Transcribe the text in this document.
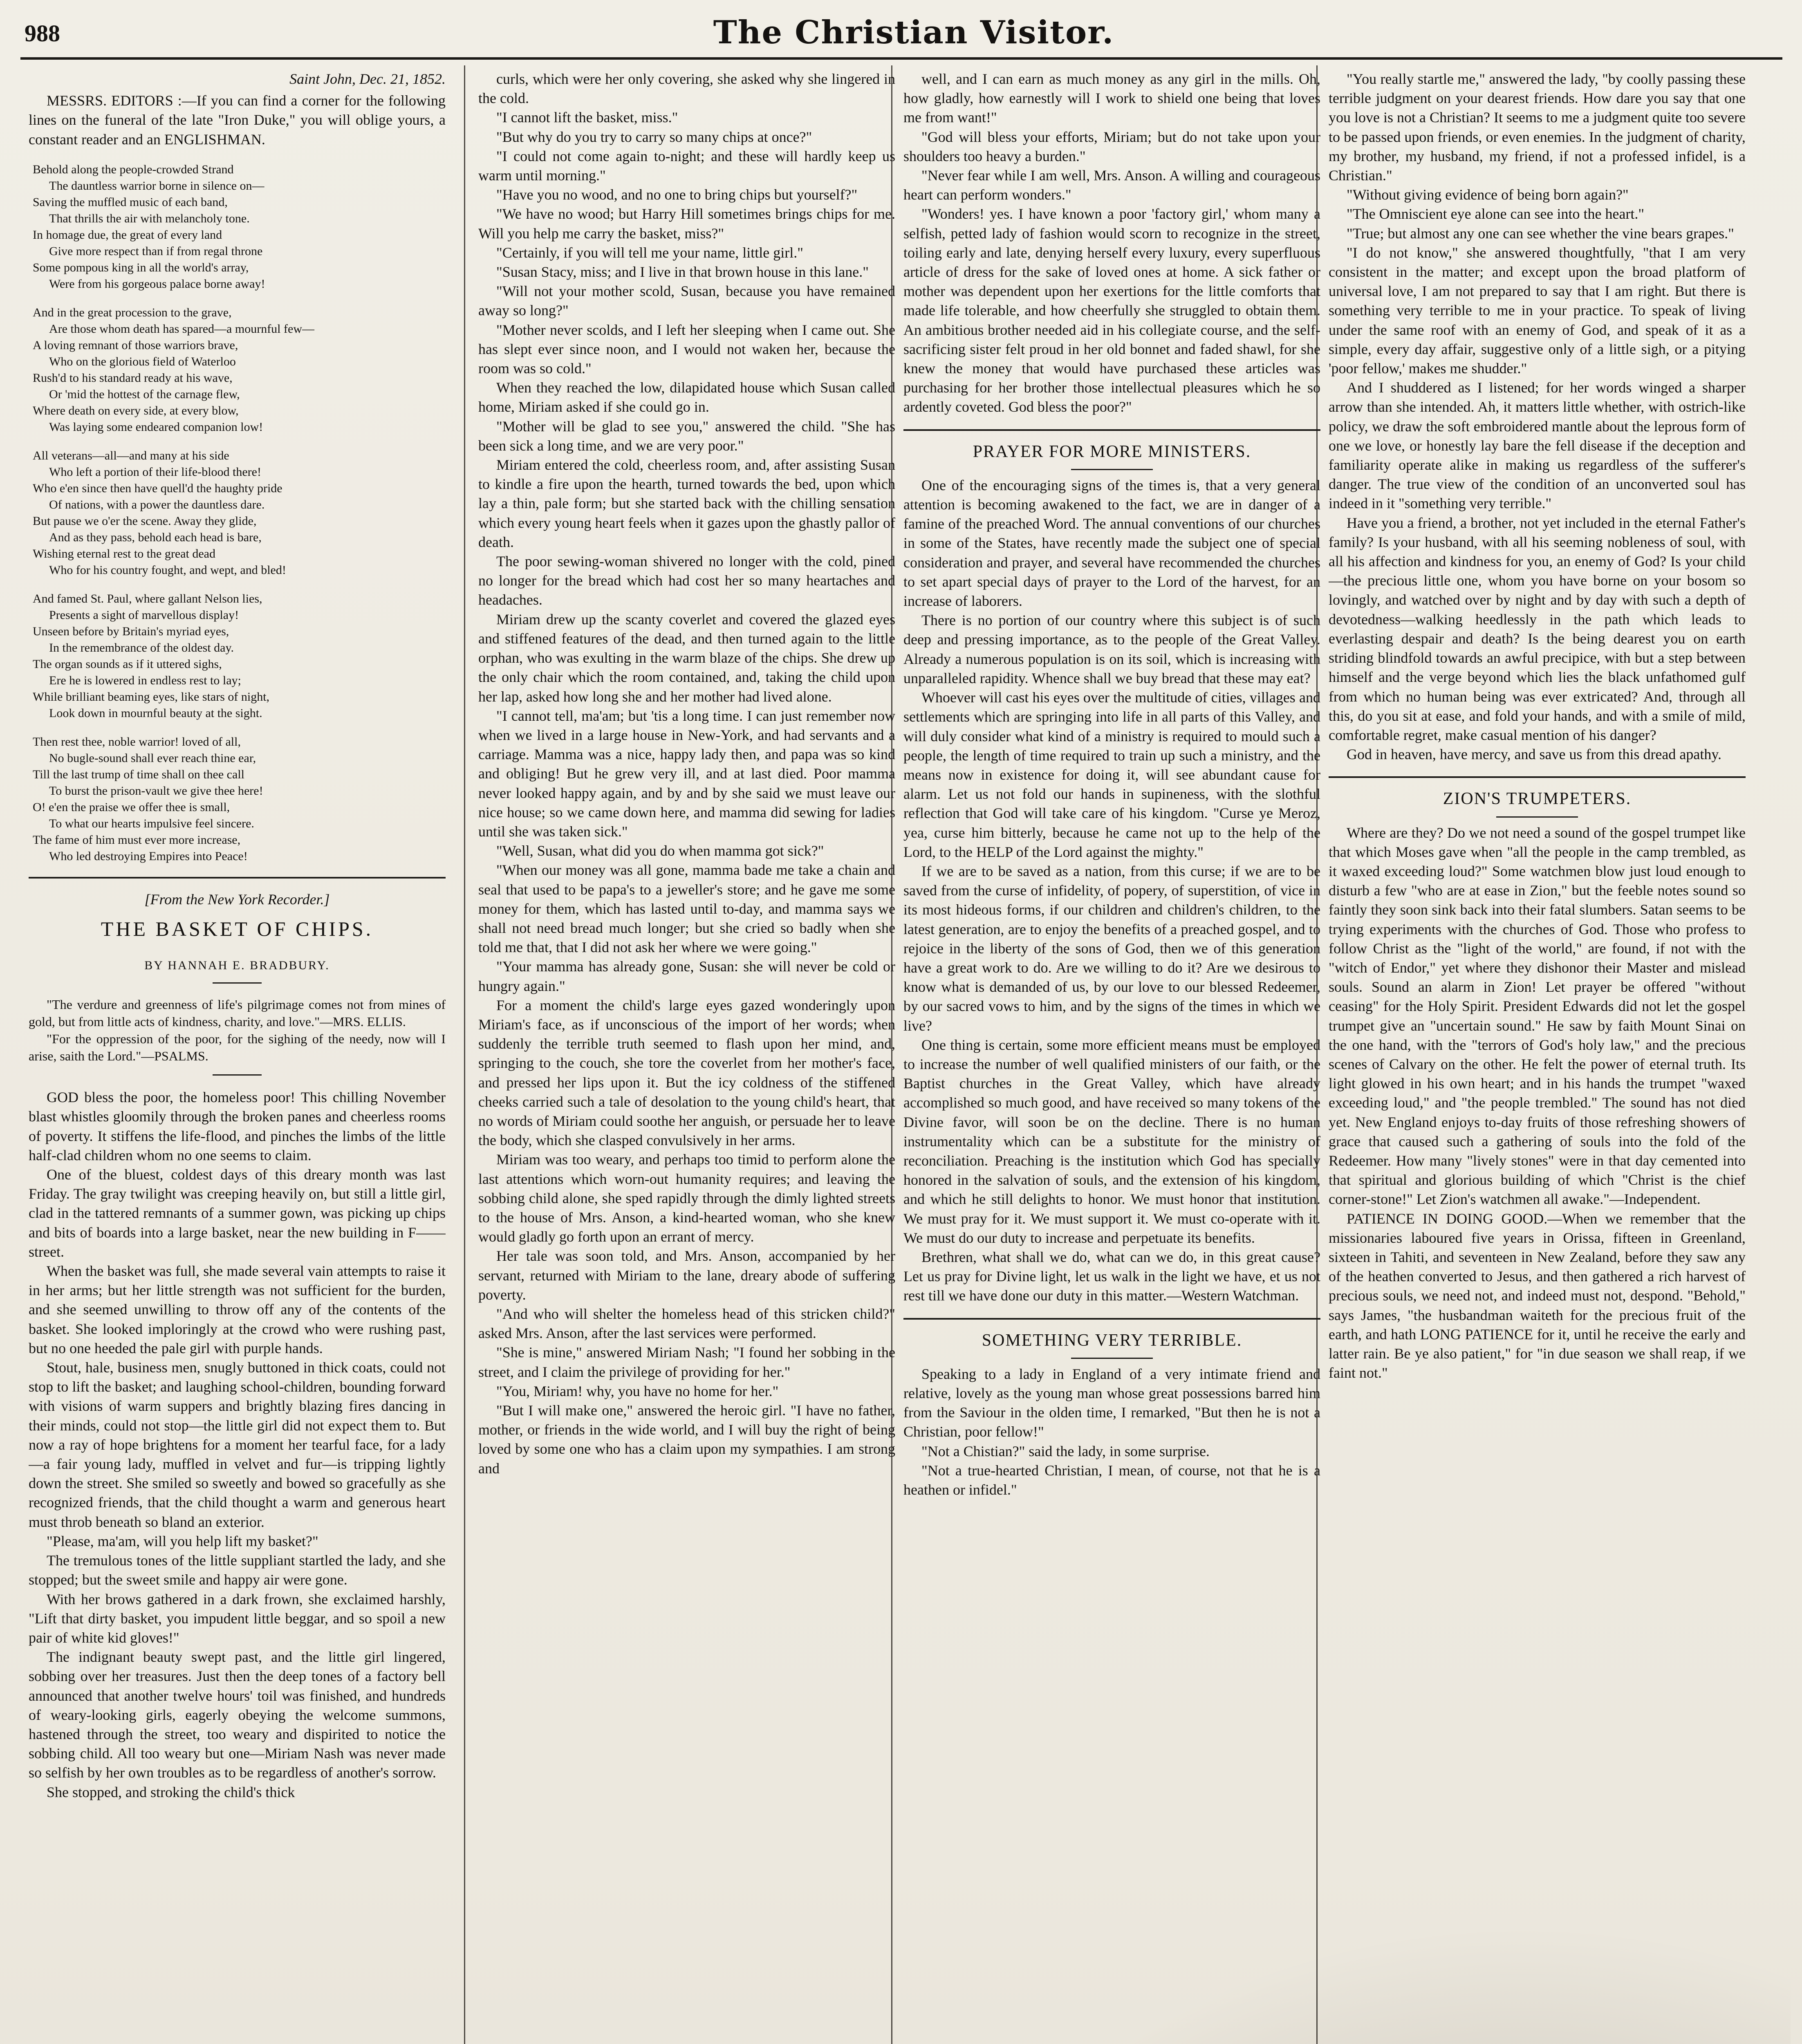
988	The Christian Visitor.

Saint John, Dec. 21, 1852.

MESSRS. EDITORS :—If you can find a corner for the following lines on the funeral of the late "Iron Duke," you will oblige yours, a constant reader and an ENGLISHMAN.

Behold along the people-crowded Strand
The dauntless warrior borne in silence on—
Saving the muffled music of each band,
That thrills the air with melancholy tone.
In homage due, the great of every land
Give more respect than if from regal throne
Some pompous king in all the world's array,
Were from his gorgeous palace borne away!
And in the great procession to the grave,
Are those whom death has spared—a mournful few—
A loving remnant of those warriors brave,
Who on the glorious field of Waterloo
Rush'd to his standard ready at his wave,
Or 'mid the hottest of the carnage flew,
Where death on every side, at every blow,
Was laying some endeared companion low!
All veterans—all—and many at his side
Who left a portion of their life-blood there!
Who e'en since then have quell'd the haughty pride
Of nations, with a power the dauntless dare.
But pause we o'er the scene. Away they glide,
And as they pass, behold each head is bare,
Wishing eternal rest to the great dead
Who for his country fought, and wept, and bled!
And famed St. Paul, where gallant Nelson lies,
Presents a sight of marvellous display!
Unseen before by Britain's myriad eyes,
In the remembrance of the oldest day.
The organ sounds as if it uttered sighs,
Ere he is lowered in endless rest to lay;
While brilliant beaming eyes, like stars of night,
Look down in mournful beauty at the sight.
Then rest thee, noble warrior! loved of all,
No bugle-sound shall ever reach thine ear,
Till the last trump of time shall on thee call
To burst the prison-vault we give thee here!
O! e'en the praise we offer thee is small,
To what our hearts impulsive feel sincere.
The fame of him must ever more increase,
Who led destroying Empires into Peace!

[From the New York Recorder.]

THE BASKET OF CHIPS.
BY HANNAH E. BRADBURY.

"The verdure and greenness of life's pilgrimage comes not from mines of gold, but from little acts of kindness, charity, and love."—MRS. ELLIS.

"For the oppression of the poor, for the sighing of the needy, now will I arise, saith the Lord."—PSALMS.

GOD bless the poor, the homeless poor! This chilling November blast whistles gloomily through the broken panes and cheerless rooms of poverty. It stiffens the life-flood, and pinches the limbs of the little half-clad children whom no one seems to claim.

One of the bluest, coldest days of this dreary month was last Friday. The gray twilight was creeping heavily on, but still a little girl, clad in the tattered remnants of a summer gown, was picking up chips and bits of boards into a large basket, near the new building in F—— street.

When the basket was full, she made several vain attempts to raise it in her arms; but her little strength was not sufficient for the burden, and she seemed unwilling to throw off any of the contents of the basket. She looked imploringly at the crowd who were rushing past, but no one heeded the pale girl with purple hands.

Stout, hale, business men, snugly buttoned in thick coats, could not stop to lift the basket; and laughing school-children, bounding forward with visions of warm suppers and brightly blazing fires dancing in their minds, could not stop—the little girl did not expect them to. But now a ray of hope brightens for a moment her tearful face, for a lady—a fair young lady, muffled in velvet and fur—is tripping lightly down the street. She smiled so sweetly and bowed so gracefully as she recognized friends, that the child thought a warm and generous heart must throb beneath so bland an exterior.

"Please, ma'am, will you help lift my basket?"

The tremulous tones of the little suppliant startled the lady, and she stopped; but the sweet smile and happy air were gone.

With her brows gathered in a dark frown, she exclaimed harshly, "Lift that dirty basket, you impudent little beggar, and so spoil a new pair of white kid gloves!"

The indignant beauty swept past, and the little girl lingered, sobbing over her treasures. Just then the deep tones of a factory bell announced that another twelve hours' toil was finished, and hundreds of weary-looking girls, eagerly obeying the welcome summons, hastened through the street, too weary and dispirited to notice the sobbing child. All too weary but one—Miriam Nash was never made so selfish by her own troubles as to be regardless of another's sorrow.

She stopped, and stroking the child's thick

curls, which were her only covering, she asked why she lingered in the cold.

"I cannot lift the basket, miss."

"But why do you try to carry so many chips at once?"

"I could not come again to-night; and these will hardly keep us warm until morning."

"Have you no wood, and no one to bring chips but yourself?"

"We have no wood; but Harry Hill sometimes brings chips for me. Will you help me carry the basket, miss?"

"Certainly, if you will tell me your name, little girl."

"Susan Stacy, miss; and I live in that brown house in this lane."

"Will not your mother scold, Susan, because you have remained away so long?"

"Mother never scolds, and I left her sleeping when I came out. She has slept ever since noon, and I would not waken her, because the room was so cold."

When they reached the low, dilapidated house which Susan called home, Miriam asked if she could go in.

"Mother will be glad to see you," answered the child. "She has been sick a long time, and we are very poor."

Miriam entered the cold, cheerless room, and, after assisting Susan to kindle a fire upon the hearth, turned towards the bed, upon which lay a thin, pale form; but she started back with the chilling sensation which every young heart feels when it gazes upon the ghastly pallor of death.

The poor sewing-woman shivered no longer with the cold, pined no longer for the bread which had cost her so many heartaches and headaches.

Miriam drew up the scanty coverlet and covered the glazed eyes and stiffened features of the dead, and then turned again to the little orphan, who was exulting in the warm blaze of the chips. She drew up the only chair which the room contained, and, taking the child upon her lap, asked how long she and her mother had lived alone.

"I cannot tell, ma'am; but 'tis a long time. I can just remember now when we lived in a large house in New-York, and had servants and a carriage. Mamma was a nice, happy lady then, and papa was so kind and obliging! But he grew very ill, and at last died. Poor mamma never looked happy again, and by and by she said we must leave our nice house; so we came down here, and mamma did sewing for ladies until she was taken sick."

"Well, Susan, what did you do when mamma got sick?"

"When our money was all gone, mamma bade me take a chain and seal that used to be papa's to a jeweller's store; and he gave me some money for them, which has lasted until to-day, and mamma says we shall not need bread much longer; but she cried so badly when she told me that, that I did not ask her where we were going."

"Your mamma has already gone, Susan: she will never be cold or hungry again."

For a moment the child's large eyes gazed wonderingly upon Miriam's face, as if unconscious of the import of her words; when suddenly the terrible truth seemed to flash upon her mind, and, springing to the couch, she tore the coverlet from her mother's face, and pressed her lips upon it. But the icy coldness of the stiffened cheeks carried such a tale of desolation to the young child's heart, that no words of Miriam could soothe her anguish, or persuade her to leave the body, which she clasped convulsively in her arms.

Miriam was too weary, and perhaps too timid to perform alone the last attentions which worn-out humanity requires; and leaving the sobbing child alone, she sped rapidly through the dimly lighted streets to the house of Mrs. Anson, a kind-hearted woman, who she knew would gladly go forth upon an errant of mercy.

Her tale was soon told, and Mrs. Anson, accompanied by her servant, returned with Miriam to the lane, dreary abode of suffering poverty.

"And who will shelter the homeless head of this stricken child?" asked Mrs. Anson, after the last services were performed.

"She is mine," answered Miriam Nash; "I found her sobbing in the street, and I claim the privilege of providing for her."

"You, Miriam! why, you have no home for her."

"But I will make one," answered the heroic girl. "I have no father, mother, or friends in the wide world, and I will buy the right of being loved by some one who has a claim upon my sympathies. I am strong and

well, and I can earn as much money as any girl in the mills. Oh, how gladly, how earnestly will I work to shield one being that loves me from want!"

"God will bless your efforts, Miriam; but do not take upon your shoulders too heavy a burden."

"Never fear while I am well, Mrs. Anson. A willing and courageous heart can perform wonders."

"Wonders! yes. I have known a poor 'factory girl,' whom many a selfish, petted lady of fashion would scorn to recognize in the street, toiling early and late, denying herself every luxury, every superfluous article of dress for the sake of loved ones at home. A sick father or mother was dependent upon her exertions for the little comforts that made life tolerable, and how cheerfully she struggled to obtain them. An ambitious brother needed aid in his collegiate course, and the self-sacrificing sister felt proud in her old bonnet and faded shawl, for she knew the money that would have purchased these articles was purchasing for her brother those intellectual pleasures which he so ardently coveted. God bless the poor?"

PRAYER FOR MORE MINISTERS.

One of the encouraging signs of the times is, that a very general attention is becoming awakened to the fact, we are in danger of a famine of the preached Word. The annual conventions of our churches in some of the States, have recently made the subject one of special consideration and prayer, and several have recommended the churches to set apart special days of prayer to the Lord of the harvest, for an increase of laborers.

There is no portion of our country where this subject is of such deep and pressing importance, as to the people of the Great Valley. Already a numerous population is on its soil, which is increasing with unparalleled rapidity. Whence shall we buy bread that these may eat?

Whoever will cast his eyes over the multitude of cities, villages and settlements which are springing into life in all parts of this Valley, and will duly consider what kind of a ministry is required to mould such a people, the length of time required to train up such a ministry, and the means now in existence for doing it, will see abundant cause for alarm. Let us not fold our hands in supineness, with the slothful reflection that God will take care of his kingdom. "Curse ye Meroz, yea, curse him bitterly, because he came not up to the help of the Lord, to the HELP of the Lord against the mighty."

If we are to be saved as a nation, from this curse; if we are to be saved from the curse of infidelity, of popery, of superstition, of vice in its most hideous forms, if our children and children's children, to the latest generation, are to enjoy the benefits of a preached gospel, and to rejoice in the liberty of the sons of God, then we of this generation have a great work to do. Are we willing to do it? Are we desirous to know what is demanded of us, by our love to our blessed Redeemer, by our sacred vows to him, and by the signs of the times in which we live?

One thing is certain, some more efficient means must be employed to increase the number of well qualified ministers of our faith, or the Baptist churches in the Great Valley, which have already accomplished so much good, and have received so many tokens of the Divine favor, will soon be on the decline. There is no human instrumentality which can be a substitute for the ministry of reconciliation. Preaching is the institution which God has specially honored in the salvation of souls, and the extension of his kingdom, and which he still delights to honor. We must honor that institution. We must pray for it. We must support it. We must co-operate with it. We must do our duty to increase and perpetuate its benefits.

Brethren, what shall we do, what can we do, in this great cause? Let us pray for Divine light, let us walk in the light we have, et us not rest till we have done our duty in this matter.—Western Watchman.

SOMETHING VERY TERRIBLE.

Speaking to a lady in England of a very intimate friend and relative, lovely as the young man whose great possessions barred him from the Saviour in the olden time, I remarked, "But then he is not a Christian, poor fellow!"

"Not a Chistian?" said the lady, in some surprise.

"Not a true-hearted Christian, I mean, of course, not that he is a heathen or infidel."

"You really startle me," answered the lady, "by coolly passing these terrible judgment on your dearest friends. How dare you say that one you love is not a Christian? It seems to me a judgment quite too severe to be passed upon friends, or even enemies. In the judgment of charity, my brother, my husband, my friend, if not a professed infidel, is a Christian."

"Without giving evidence of being born again?"

"The Omniscient eye alone can see into the heart."

"True; but almost any one can see whether the vine bears grapes."

"I do not know," she answered thoughtfully, "that I am very consistent in the matter; and except upon the broad platform of universal love, I am not prepared to say that I am right. But there is something very terrible to me in your practice. To speak of living under the same roof with an enemy of God, and speak of it as a simple, every day affair, suggestive only of a little sigh, or a pitying 'poor fellow,' makes me shudder."

And I shuddered as I listened; for her words winged a sharper arrow than she intended. Ah, it matters little whether, with ostrich-like policy, we draw the soft embroidered mantle about the leprous form of one we love, or honestly lay bare the fell disease if the deception and familiarity operate alike in making us regardless of the sufferer's danger. The true view of the condition of an unconverted soul has indeed in it "something very terrible."

Have you a friend, a brother, not yet included in the eternal Father's family? Is your husband, with all his seeming nobleness of soul, with all his affection and kindness for you, an enemy of God? Is your child—the precious little one, whom you have borne on your bosom so lovingly, and watched over by night and by day with such a depth of devotedness—walking heedlessly in the path which leads to everlasting despair and death? Is the being dearest you on earth striding blindfold towards an awful precipice, with but a step between himself and the verge beyond which lies the black unfathomed gulf from which no human being was ever extricated? And, through all this, do you sit at ease, and fold your hands, and with a smile of mild, comfortable regret, make casual mention of his danger?

God in heaven, have mercy, and save us from this dread apathy.

ZION'S TRUMPETERS.

Where are they? Do we not need a sound of the gospel trumpet like that which Moses gave when "all the people in the camp trembled, as it waxed exceeding loud?" Some watchmen blow just loud enough to disturb a few "who are at ease in Zion," but the feeble notes sound so faintly they soon sink back into their fatal slumbers. Satan seems to be trying experiments with the churches of God. Those who profess to follow Christ as the "light of the world," are found, if not with the "witch of Endor," yet where they dishonor their Master and mislead souls. Sound an alarm in Zion! Let prayer be offered "without ceasing" for the Holy Spirit. President Edwards did not let the gospel trumpet give an "uncertain sound." He saw by faith Mount Sinai on the one hand, with the "terrors of God's holy law," and the precious scenes of Calvary on the other. He felt the power of eternal truth. Its light glowed in his own heart; and in his hands the trumpet "waxed exceeding loud," and "the people trembled." The sound has not died yet. New England enjoys to-day fruits of those refreshing showers of grace that caused such a gathering of souls into the fold of the Redeemer. How many "lively stones" were in that day cemented into that spiritual and glorious building of which "Christ is the chief corner-stone!" Let Zion's watchmen all awake."—Independent.

PATIENCE IN DOING GOOD.—When we remember that the missionaries laboured five years in Orissa, fifteen in Greenland, sixteen in Tahiti, and seventeen in New Zealand, before they saw any of the heathen converted to Jesus, and then gathered a rich harvest of precious souls, we need not, and indeed must not, despond. "Behold," says James, "the husbandman waiteth for the precious fruit of the earth, and hath LONG PATIENCE for it, until he receive the early and latter rain. Be ye also patient," for "in due season we shall reap, if we faint not."
